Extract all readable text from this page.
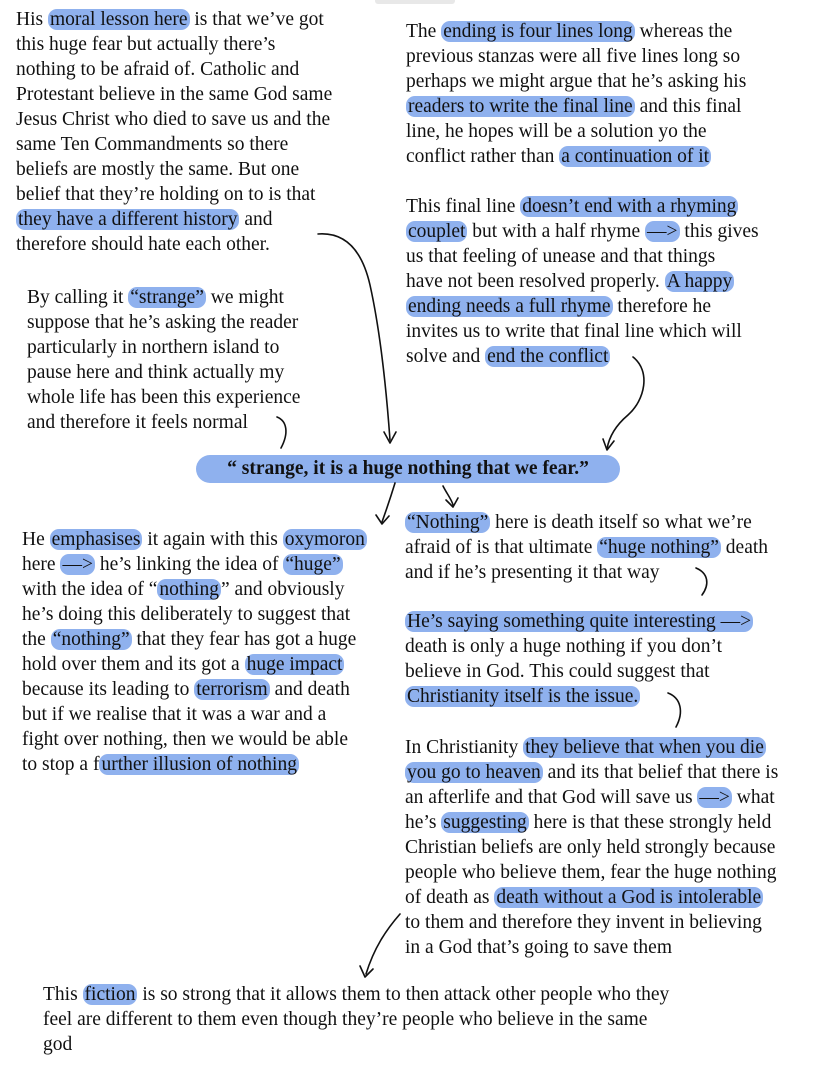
His moral lesson here is that we’ve got
this huge fear but actually there’s
nothing to be afraid of. Catholic and
Protestant believe in the same God same
Jesus Christ who died to save us and the
same Ten Commandments so there
beliefs are mostly the same. But one
belief that they’re holding on to is that
they have a different history and
therefore should hate each other.
The ending is four lines long whereas the
previous stanzas were all five lines long so
perhaps we might argue that he’s asking his
readers to write the final line and this final
line, he hopes will be a solution yo the
conflict rather than a continuation of it
This final line doesn’t end with a rhyming
couplet but with a half rhyme —> this gives
us that feeling of unease and that things
have not been resolved properly. A happy
ending needs a full rhyme therefore he
invites us to write that final line which will
solve and end the conflict
By calling it “strange” we might
suppose that he’s asking the reader
particularly in northern island to
pause here and think actually my
whole life has been this experience
and therefore it feels normal
“ strange, it is a huge nothing that we fear.”
He emphasises it again with this oxymoron
here —> he’s linking the idea of “huge”
with the idea of “ nothing ” and obviously
he’s doing this deliberately to suggest that
the “nothing” that they fear has got a huge
hold over them and its got a huge impact
because its leading to terrorism and death
but if we realise that it was a war and a
fight over nothing, then we would be able
to stop a f urther illusion of nothing
“Nothing” here is death itself so what we’re
afraid of is that ultimate “huge nothing” death
and if he’s presenting it that way
He’s saying something quite interesting —>
death is only a huge nothing if you don’t
believe in God. This could suggest that
Christianity itself is the issue.
In Christianity they believe that when you die
you go to heaven and its that belief that there is
an afterlife and that God will save us —> what
he’s suggesting here is that these strongly held
Christian beliefs are only held strongly because
people who believe them, fear the huge nothing
of death as death without a God is intolerable
to them and therefore they invent in believing
in a God that’s going to save them
This fiction is so strong that it allows them to then attack other people who they
feel are different to them even though they’re people who believe in the same
god
